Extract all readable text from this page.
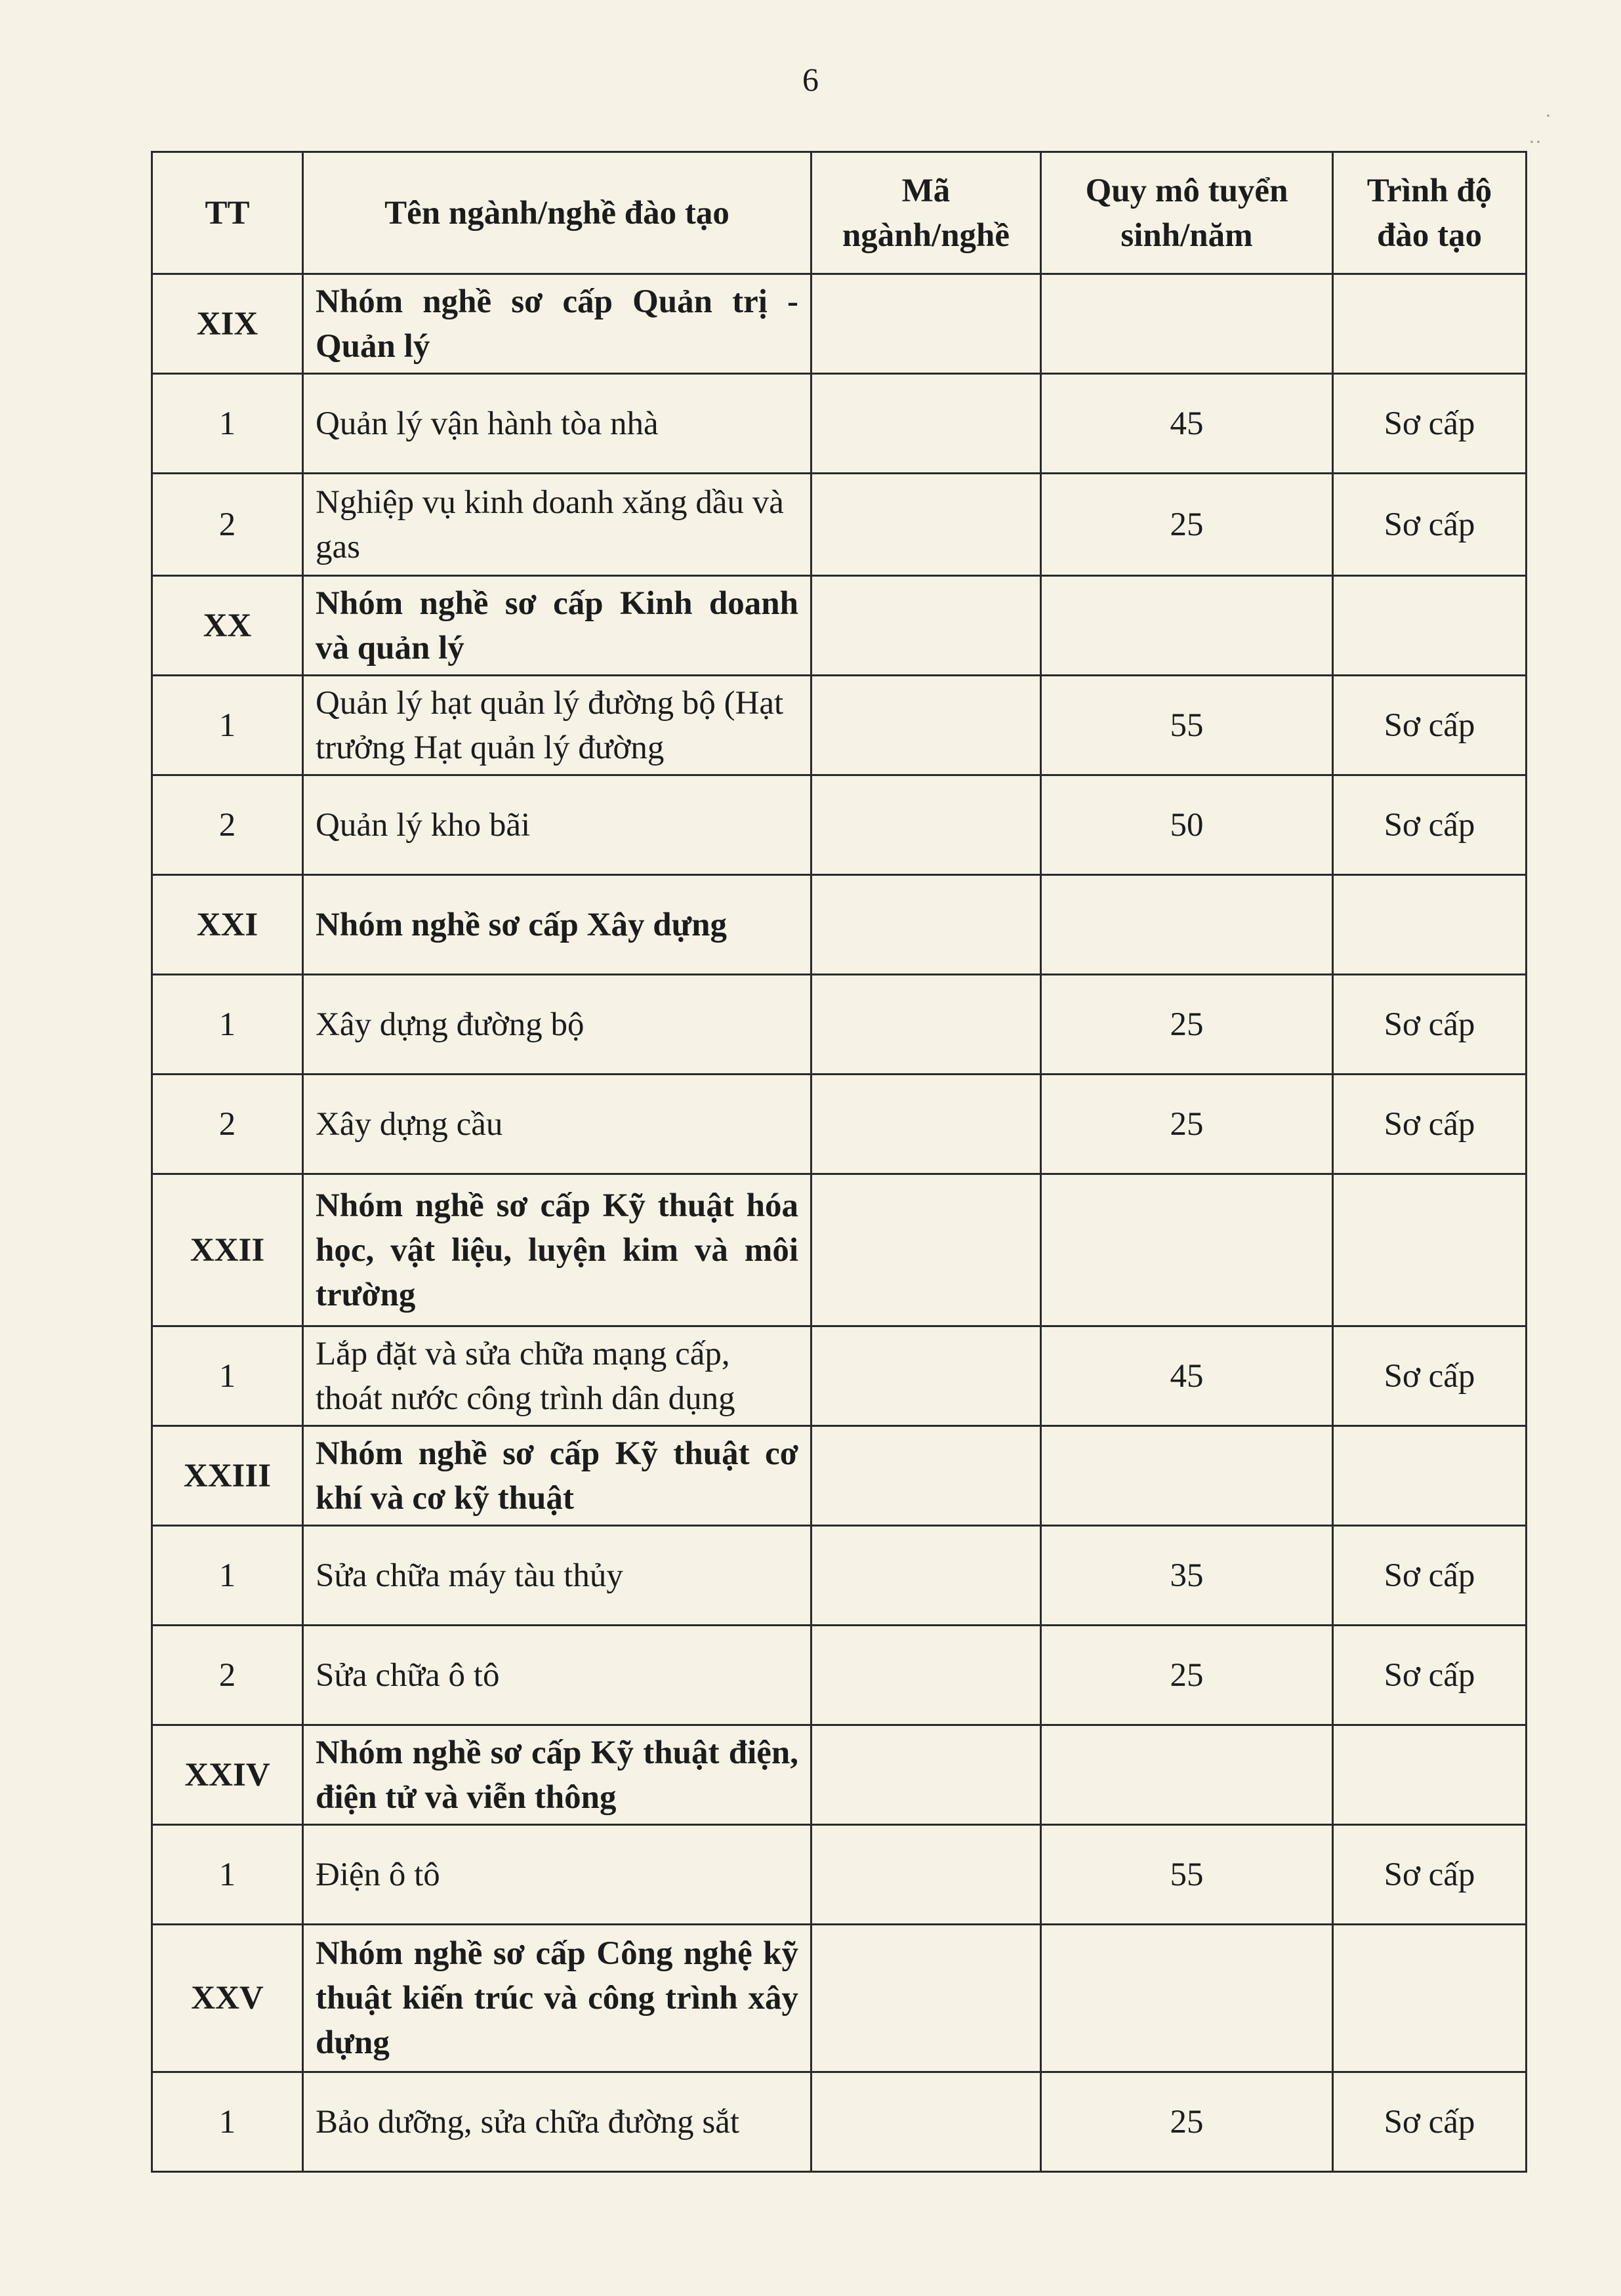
6
·
··
TT	Tên ngành/nghề đào tạo	Mã ngành/nghề	Quy mô tuyển sinh/năm	Trình độ đào tạo
XIX	Nhóm nghề sơ cấp Quản trị - Quản lý			
1	Quản lý vận hành tòa nhà		45	Sơ cấp
2	Nghiệp vụ kinh doanh xăng dầu và gas		25	Sơ cấp
XX	Nhóm nghề sơ cấp Kinh doanh và quản lý			
1	Quản lý hạt quản lý đường bộ (Hạt trưởng Hạt quản lý đường		55	Sơ cấp
2	Quản lý kho bãi		50	Sơ cấp
XXI	Nhóm nghề sơ cấp Xây dựng			
1	Xây dựng đường bộ		25	Sơ cấp
2	Xây dựng cầu		25	Sơ cấp
XXII	Nhóm nghề sơ cấp Kỹ thuật hóa học, vật liệu, luyện kim và môi trường			
1	Lắp đặt và sửa chữa mạng cấp, thoát nước công trình dân dụng		45	Sơ cấp
XXIII	Nhóm nghề sơ cấp Kỹ thuật cơ khí và cơ kỹ thuật			
1	Sửa chữa máy tàu thủy		35	Sơ cấp
2	Sửa chữa ô tô		25	Sơ cấp
XXIV	Nhóm nghề sơ cấp Kỹ thuật điện, điện tử và viễn thông			
1	Điện ô tô		55	Sơ cấp
XXV	Nhóm nghề sơ cấp Công nghệ kỹ thuật kiến trúc và công trình xây dựng			
1	Bảo dưỡng, sửa chữa đường sắt		25	Sơ cấp
